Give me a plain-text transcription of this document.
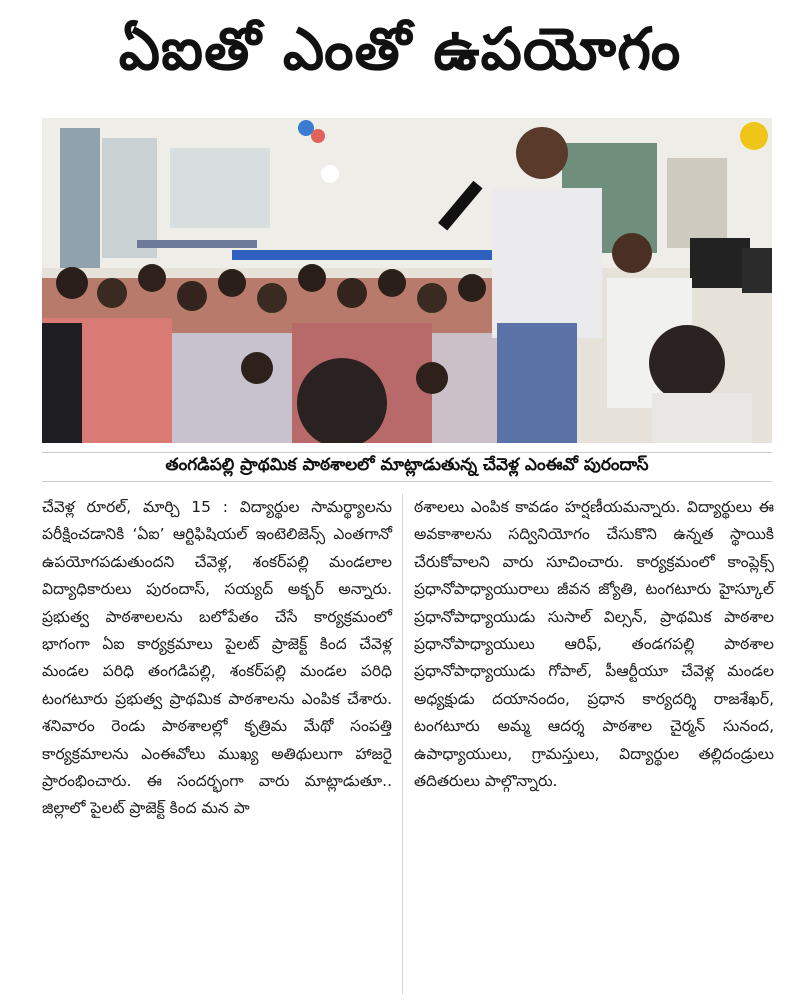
ఏఐతో ఎంతో ఉపయోగం
తంగడిపల్లి ప్రాథమిక పాఠశాలలో మాట్లాడుతున్న చేవెళ్ల ఎంఈవో పురందాస్

చేవెళ్ల రూరల్, మార్చి 15 : విద్యార్థుల సామర్థ్యాలను పరీక్షించడానికి ‘ఏఐ’ ఆర్టిఫిషియల్ ఇంటెలిజెన్స్ ఎంతగానో ఉపయోగపడుతుందని చేవెళ్ల, శంకర్‌పల్లి మండలాల విద్యాధికారులు పురందాస్, సయ్యద్ అక్బర్ అన్నారు. ప్రభుత్వ పాఠశాలలను బలోపేతం చేసే కార్యక్రమంలో భాగంగా ఏఐ కార్యక్రమాలు పైలట్ ప్రాజెక్ట్ కింద చేవెళ్ల మండల పరిధి తంగడిపల్లి, శంకర్‌పల్లి మండల పరిధి టంగటూరు ప్రభుత్వ ప్రాథమిక పాఠశాలను ఎంపిక చేశారు. శనివారం రెండు పాఠశాలల్లో కృత్రిమ మేథో సంపత్తి కార్యక్రమాలను ఎంఈవోలు ముఖ్య అతిథులుగా హాజరై ప్రారంభించారు. ఈ సందర్భంగా వారు మాట్లాడుతూ.. జిల్లాలో పైలట్ ప్రాజెక్ట్ కింద మన పా

ఠశాలలు ఎంపిక కావడం హర్షణీయమన్నారు. విద్యార్థులు ఈ అవకాశాలను సద్వినియోగం చేసుకొని ఉన్నత స్థాయికి చేరుకోవాలని వారు సూచించారు. కార్యక్రమంలో కాంప్లెక్స్ ప్రధానోపాధ్యాయురాలు జీవన జ్యోతి, టంగటూరు హైస్కూల్ ప్రధానోపాధ్యాయుడు సుసాల్ విల్సన్, ప్రాథమిక పాఠశాల ప్రధానోపాధ్యాయులు ఆరిఫ్, తండగపల్లి పాఠశాల ప్రధానోపాధ్యాయుడు గోపాల్, పీఆర్టీయూ చేవెళ్ల మండల అధ్యక్షుడు దయానందం, ప్రధాన కార్యదర్శి రాజశేఖర్, టంగటూరు అమ్మ ఆదర్శ పాఠశాల చైర్మన్ సునంద, ఉపాధ్యాయులు, గ్రామస్తులు, విద్యార్థుల తల్లిదండ్రులు తదితరులు పాల్గొన్నారు.
